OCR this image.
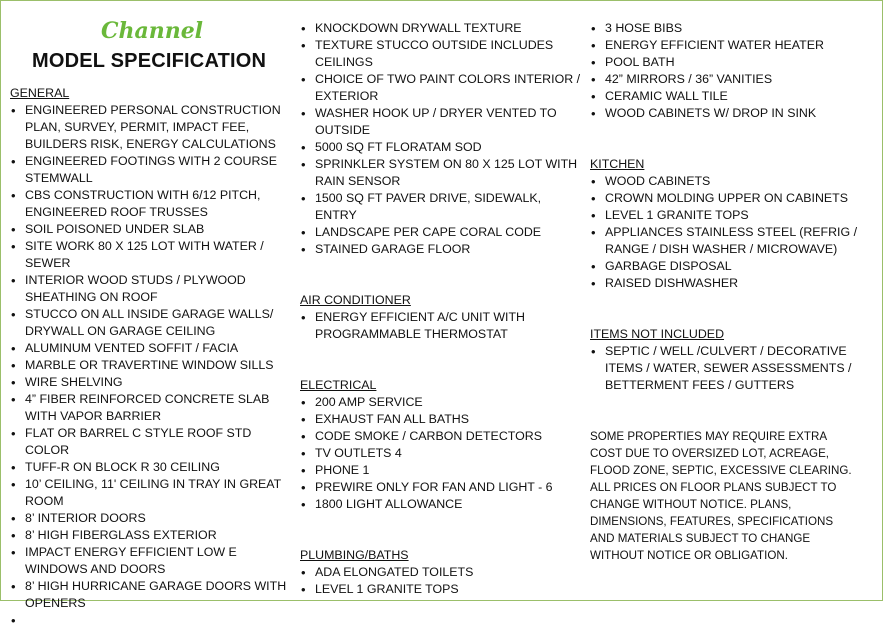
Channel
MODEL SPECIFICATION
GENERAL
• ENGINEERED PERSONAL CONSTRUCTION PLAN, SURVEY, PERMIT, IMPACT FEE, BUILDERS RISK, ENERGY CALCULATIONS
• ENGINEERED FOOTINGS WITH 2 COURSE STEMWALL
• CBS CONSTRUCTION WITH 6/12 PITCH, ENGINEERED ROOF TRUSSES
• SOIL POISONED UNDER SLAB
• SITE WORK 80 X 125 LOT WITH WATER / SEWER
• INTERIOR WOOD STUDS / PLYWOOD SHEATHING ON ROOF
• STUCCO ON ALL INSIDE GARAGE WALLS/ DRYWALL ON GARAGE CEILING
• ALUMINUM VENTED SOFFIT / FACIA
• MARBLE OR TRAVERTINE WINDOW SILLS
• WIRE SHELVING
• 4” FIBER REINFORCED CONCRETE SLAB WITH VAPOR BARRIER
• FLAT OR BARREL C STYLE ROOF STD COLOR
• TUFF-R ON BLOCK R 30 CEILING
• 10’ CEILING, 11' CEILING IN TRAY IN GREAT ROOM
• 8’ INTERIOR DOORS
• 8’ HIGH FIBERGLASS EXTERIOR
• IMPACT ENERGY EFFICIENT LOW E WINDOWS AND DOORS
• 8’ HIGH HURRICANE GARAGE DOORS WITH OPENERS
• KNOCKDOWN DRYWALL TEXTURE
• TEXTURE STUCCO OUTSIDE INCLUDES CEILINGS
• CHOICE OF TWO PAINT COLORS INTERIOR / EXTERIOR
• WASHER HOOK UP / DRYER VENTED TO OUTSIDE
• 5000 SQ FT FLORATAM SOD
• SPRINKLER SYSTEM ON 80 X 125 LOT WITH RAIN SENSOR
• 1500 SQ FT PAVER DRIVE, SIDEWALK, ENTRY
• LANDSCAPE PER CAPE CORAL CODE
• STAINED GARAGE FLOOR
AIR CONDITIONER
• ENERGY EFFICIENT A/C UNIT WITH PROGRAMMABLE THERMOSTAT
ELECTRICAL
• 200 AMP SERVICE
• EXHAUST FAN ALL BATHS
• CODE SMOKE / CARBON DETECTORS
• TV OUTLETS 4
• PHONE 1
• PREWIRE ONLY FOR FAN AND LIGHT - 6
• 1800 LIGHT ALLOWANCE
PLUMBING/BATHS
• ADA ELONGATED TOILETS
• LEVEL 1 GRANITE TOPS
• 3 HOSE BIBS
• ENERGY EFFICIENT WATER HEATER
• POOL BATH
• 42” MIRRORS / 36” VANITIES
• CERAMIC WALL TILE
• WOOD CABINETS W/ DROP IN SINK
KITCHEN
• WOOD CABINETS
• CROWN MOLDING UPPER ON CABINETS
• LEVEL 1 GRANITE TOPS
• APPLIANCES STAINLESS STEEL (REFRIG / RANGE / DISH WASHER / MICROWAVE)
• GARBAGE DISPOSAL
• RAISED DISHWASHER
ITEMS NOT INCLUDED
• SEPTIC / WELL /CULVERT / DECORATIVE ITEMS / WATER, SEWER ASSESSMENTS / BETTERMENT FEES / GUTTERS

SOME PROPERTIES MAY REQUIRE EXTRA COST DUE TO OVERSIZED LOT, ACREAGE, FLOOD ZONE, SEPTIC, EXCESSIVE CLEARING. ALL PRICES ON FLOOR PLANS SUBJECT TO CHANGE WITHOUT NOTICE. PLANS, DIMENSIONS, FEATURES, SPECIFICATIONS AND MATERIALS SUBJECT TO CHANGE WITHOUT NOTICE OR OBLIGATION.
